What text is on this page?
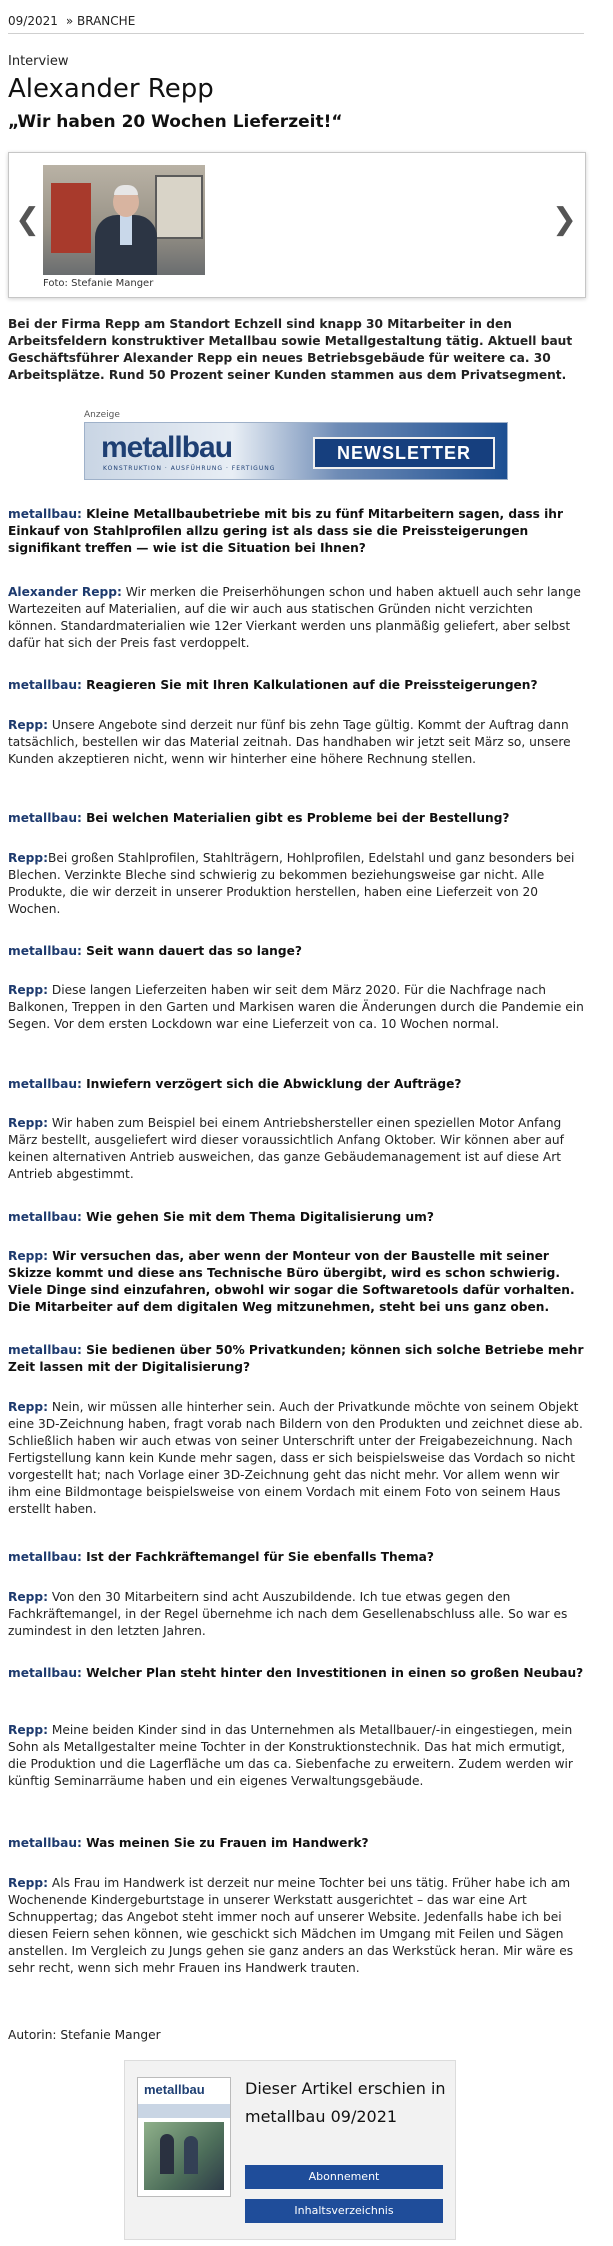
09/2021 » BRANCHE
Interview
Alexander Repp
„Wir haben 20 Wochen Lieferzeit!“
❮
Foto: Stefanie Manger
❯

Bei der Firma Repp am Standort Echzell sind knapp 30 Mitarbeiter in den Arbeitsfeldern konstruktiver Metallbau sowie Metallgestaltung tätig. Aktuell baut Geschäftsführer Alexander Repp ein neues Betriebsgebäude für weitere ca. 30 Arbeitsplätze. Rund 50 Prozent seiner Kunden stammen aus dem Privatsegment.

Anzeige
metallbau
KONSTRUKTION · AUSFÜHRUNG · FERTIGUNG
NEWSLETTER

metallbau: Kleine Metallbaubetriebe mit bis zu fünf Mitarbeitern sagen, dass ihr Einkauf von Stahlprofilen allzu gering ist als dass sie die Preissteigerungen signifikant treffen — wie ist die Situation bei Ihnen?

Alexander Repp: Wir merken die Preiserhöhungen schon und haben aktuell auch sehr lange Wartezeiten auf Materialien, auf die wir auch aus statischen Gründen nicht verzichten können. Standardmaterialien wie 12er Vierkant werden uns planmäßig geliefert, aber selbst dafür hat sich der Preis fast verdoppelt.

metallbau: Reagieren Sie mit Ihren Kalkulationen auf die Preissteigerungen?

Repp: Unsere Angebote sind derzeit nur fünf bis zehn Tage gültig. Kommt der Auftrag dann tatsächlich, bestellen wir das Material zeitnah. Das handhaben wir jetzt seit März so, unsere Kunden akzeptieren nicht, wenn wir hinterher eine höhere Rechnung stellen.

metallbau: Bei welchen Materialien gibt es Probleme bei der Bestellung?

Repp:Bei großen Stahlprofilen, Stahlträgern, Hohlprofilen, Edelstahl und ganz besonders bei Blechen. Verzinkte Bleche sind schwierig zu bekommen beziehungsweise gar nicht. Alle Produkte, die wir derzeit in unserer Produktion herstellen, haben eine Lieferzeit von 20 Wochen.

metallbau: Seit wann dauert das so lange?

Repp: Diese langen Lieferzeiten haben wir seit dem März 2020. Für die Nachfrage nach Balkonen, Treppen in den Garten und Markisen waren die Änderungen durch die Pandemie ein Segen. Vor dem ersten Lockdown war eine Lieferzeit von ca. 10 Wochen normal.

metallbau: Inwiefern verzögert sich die Abwicklung der Aufträge?

Repp: Wir haben zum Beispiel bei einem Antriebshersteller einen speziellen Motor Anfang März bestellt, ausgeliefert wird dieser voraussichtlich Anfang Oktober. Wir können aber auf keinen alternativen Antrieb ausweichen, das ganze Gebäudemanagement ist auf diese Art Antrieb abgestimmt.

metallbau: Wie gehen Sie mit dem Thema Digitalisierung um?

Repp: Wir versuchen das, aber wenn der Monteur von der Baustelle mit seiner Skizze kommt und diese ans Technische Büro übergibt, wird es schon schwierig. Viele Dinge sind einzufahren, obwohl wir sogar die Softwaretools dafür vorhalten. Die Mitarbeiter auf dem digitalen Weg mitzunehmen, steht bei uns ganz oben.

metallbau: Sie bedienen über 50% Privatkunden; können sich solche Betriebe mehr Zeit lassen mit der Digitalisierung?

Repp: Nein, wir müssen alle hinterher sein. Auch der Privatkunde möchte von seinem Objekt eine 3D-Zeichnung haben, fragt vorab nach Bildern von den Produkten und zeichnet diese ab. Schließlich haben wir auch etwas von seiner Unterschrift unter der Freigabezeichnung. Nach Fertigstellung kann kein Kunde mehr sagen, dass er sich beispielsweise das Vordach so nicht vorgestellt hat; nach Vorlage einer 3D-Zeichnung geht das nicht mehr. Vor allem wenn wir ihm eine Bildmontage beispielsweise von einem Vordach mit einem Foto von seinem Haus erstellt haben.

metallbau: Ist der Fachkräftemangel für Sie ebenfalls Thema?

Repp: Von den 30 Mitarbeitern sind acht Auszubildende. Ich tue etwas gegen den Fachkräftemangel, in der Regel übernehme ich nach dem Gesellenabschluss alle. So war es zumindest in den letzten Jahren.

metallbau: Welcher Plan steht hinter den Investitionen in einen so großen Neubau?

Repp: Meine beiden Kinder sind in das Unternehmen als Metallbauer/-in eingestiegen, mein Sohn als Metallgestalter meine Tochter in der Konstruktionstechnik. Das hat mich ermutigt, die Produktion und die Lagerfläche um das ca. Siebenfache zu erweitern. Zudem werden wir künftig Seminarräume haben und ein eigenes Verwaltungsgebäude.

metallbau: Was meinen Sie zu Frauen im Handwerk?

Repp: Als Frau im Handwerk ist derzeit nur meine Tochter bei uns tätig. Früher habe ich am Wochenende Kindergeburtstage in unserer Werkstatt ausgerichtet – das war eine Art Schnuppertag; das Angebot steht immer noch auf unserer Website. Jedenfalls habe ich bei diesen Feiern sehen können, wie geschickt sich Mädchen im Umgang mit Feilen und Sägen anstellen. Im Vergleich zu Jungs gehen sie ganz anders an das Werkstück heran. Mir wäre es sehr recht, wenn sich mehr Frauen ins Handwerk trauten.

Autorin: Stefanie Manger
metallbau	Dieser Artikel erschien in
metallbau 09/2021
Abonnement
Inhaltsverzeichnis
